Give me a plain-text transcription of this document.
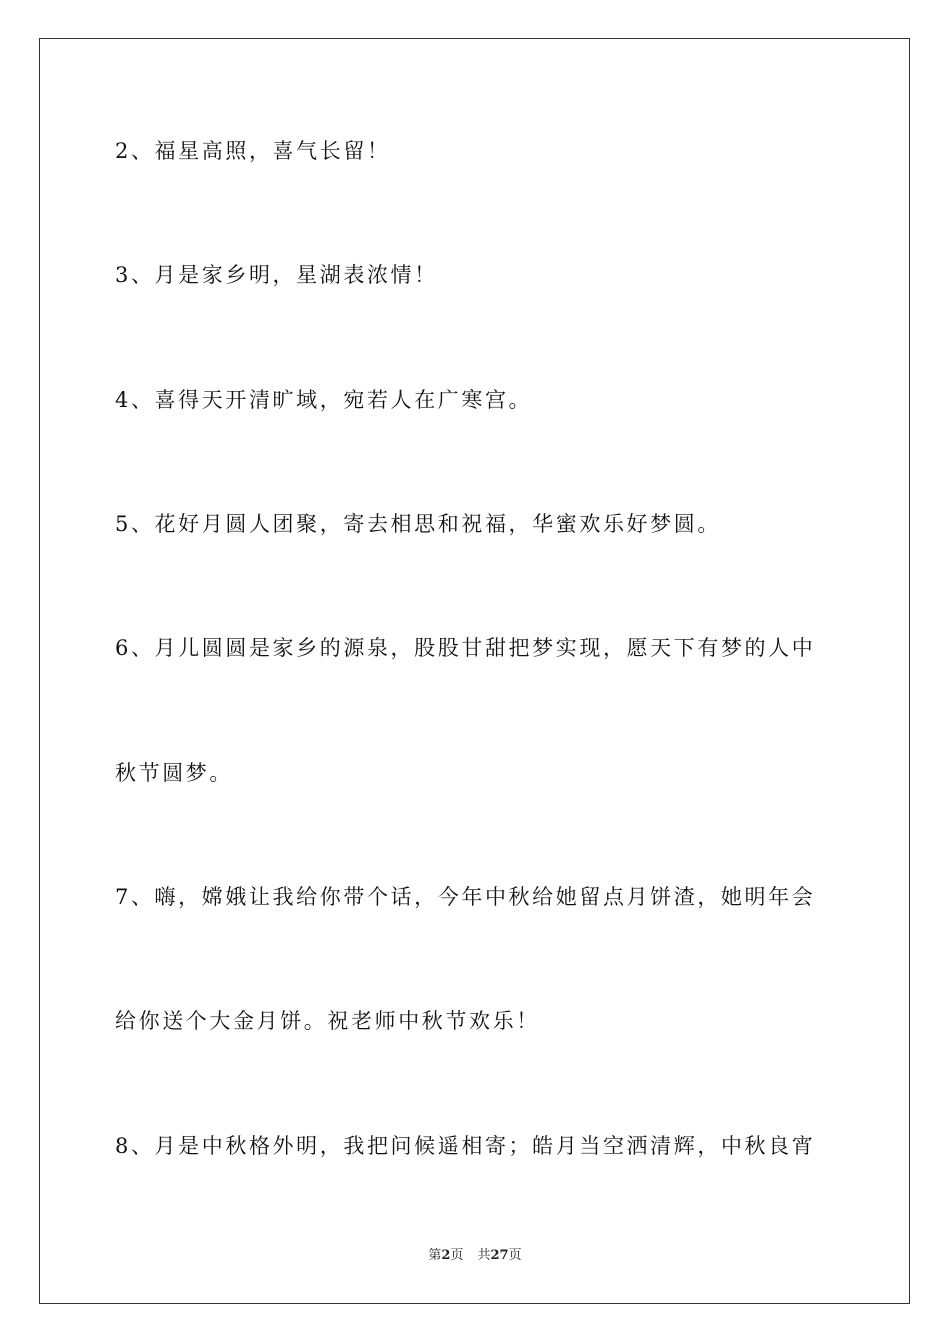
2、福星高照，喜气长留！
3、月是家乡明，星湖表浓情！
4、喜得天开清旷域，宛若人在广寒宫。
5、花好月圆人团聚，寄去相思和祝福，华蜜欢乐好梦圆。
6、月儿圆圆是家乡的源泉，股股甘甜把梦实现，愿天下有梦的人中
秋节圆梦。
7、嗨，嫦娥让我给你带个话，今年中秋给她留点月饼渣，她明年会
给你送个大金月饼。祝老师中秋节欢乐！
8、月是中秋格外明，我把问候遥相寄；皓月当空洒清辉，中秋良宵
第2页 共27页
